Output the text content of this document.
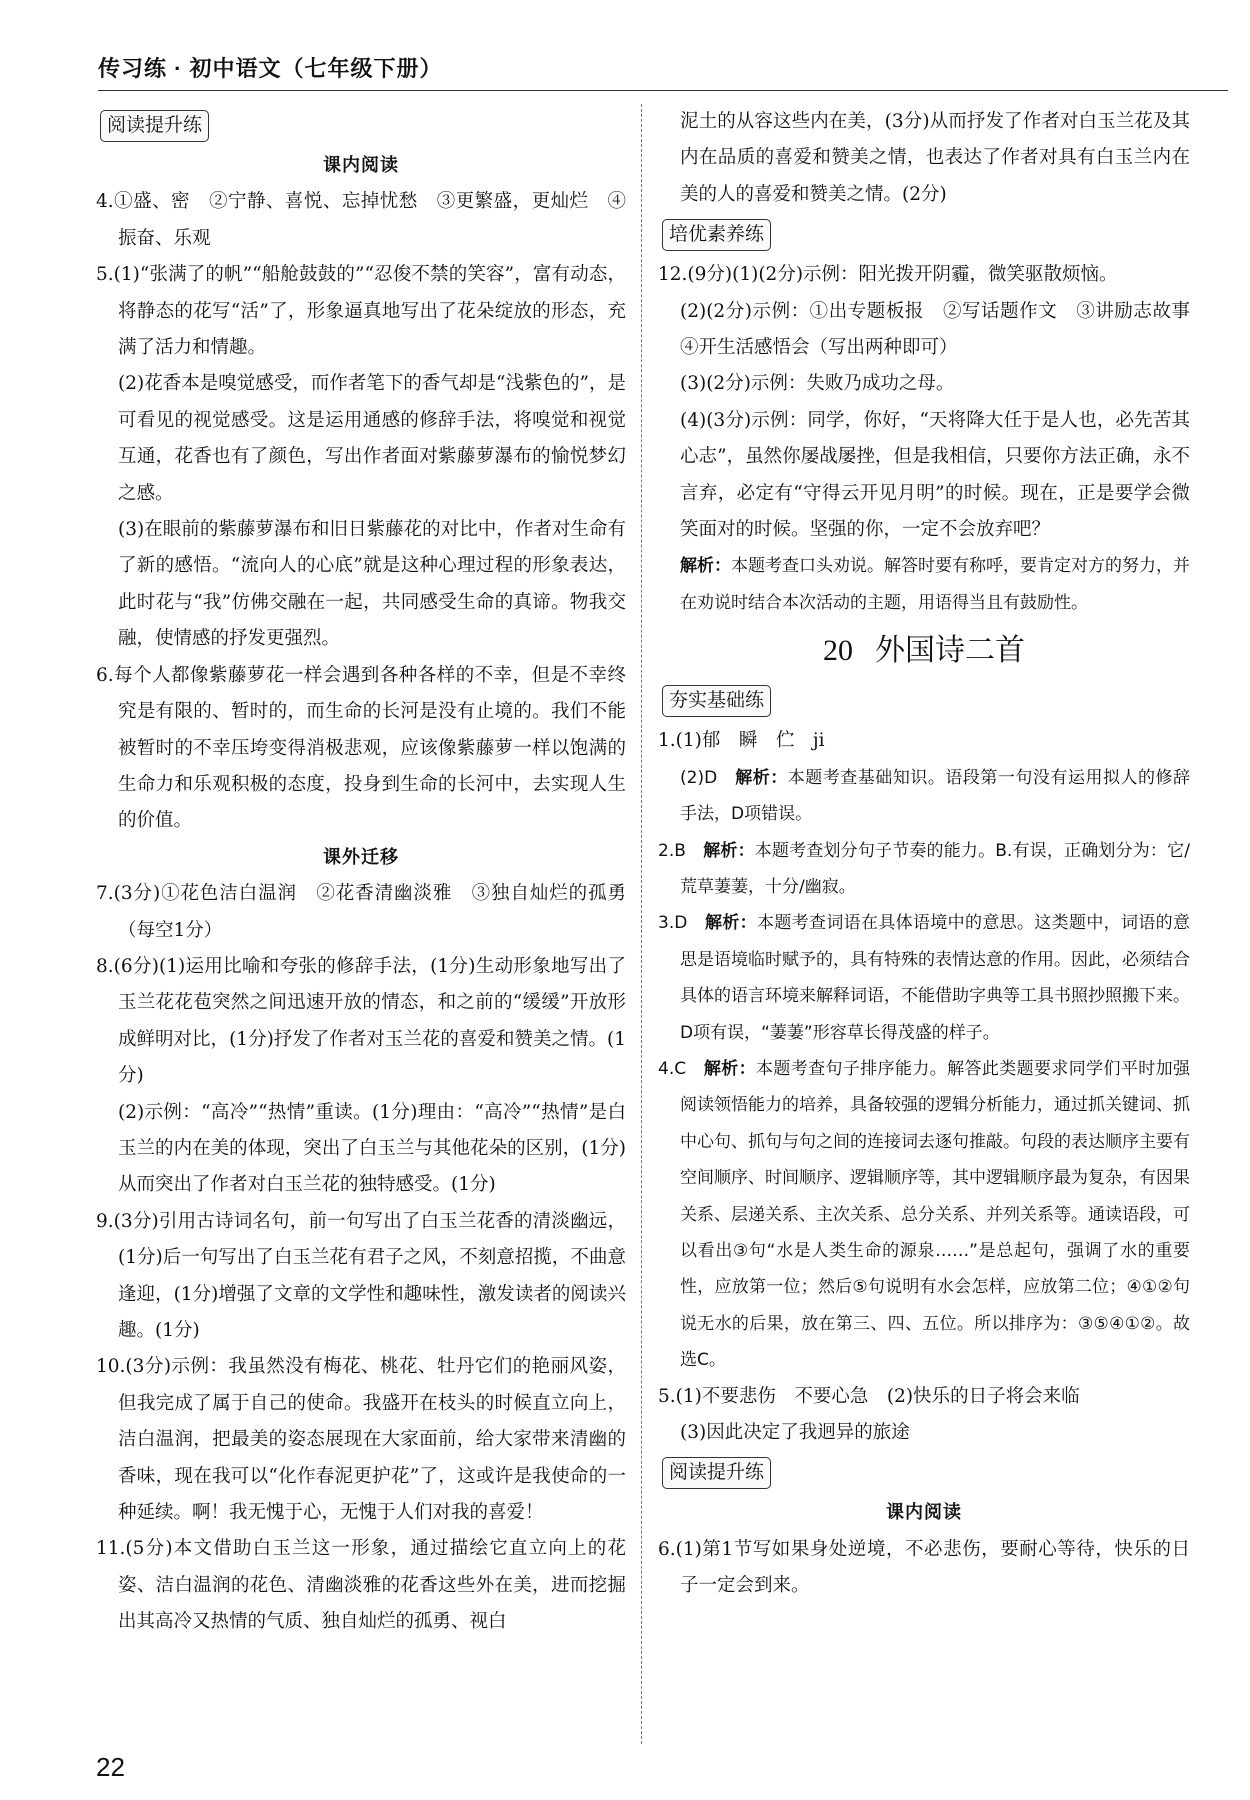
传习练 · 初中语文（七年级下册）
阅读提升练
课内阅读
4.①盛、密　②宁静、喜悦、忘掉忧愁　③更繁盛，更灿烂　④振奋、乐观
5.(1)“张满了的帆”“船舱鼓鼓的”“忍俊不禁的笑容”，富有动态，将静态的花写“活”了，形象逼真地写出了花朵绽放的形态，充满了活力和情趣。
(2)花香本是嗅觉感受，而作者笔下的香气却是“浅紫色的”，是可看见的视觉感受。这是运用通感的修辞手法，将嗅觉和视觉互通，花香也有了颜色，写出作者面对紫藤萝瀑布的愉悦梦幻之感。
(3)在眼前的紫藤萝瀑布和旧日紫藤花的对比中，作者对生命有了新的感悟。“流向人的心底”就是这种心理过程的形象表达，此时花与“我”仿佛交融在一起，共同感受生命的真谛。物我交融，使情感的抒发更强烈。
6.每个人都像紫藤萝花一样会遇到各种各样的不幸，但是不幸终究是有限的、暂时的，而生命的长河是没有止境的。我们不能被暂时的不幸压垮变得消极悲观，应该像紫藤萝一样以饱满的生命力和乐观积极的态度，投身到生命的长河中，去实现人生的价值。
课外迁移
7.(3分)①花色洁白温润　②花香清幽淡雅　③独自灿烂的孤勇（每空1分）
8.(6分)(1)运用比喻和夸张的修辞手法，(1分)生动形象地写出了玉兰花花苞突然之间迅速开放的情态，和之前的“缓缓”开放形成鲜明对比，(1分)抒发了作者对玉兰花的喜爱和赞美之情。(1分)
(2)示例：“高冷”“热情”重读。(1分)理由：“高冷”“热情”是白玉兰的内在美的体现，突出了白玉兰与其他花朵的区别，(1分)从而突出了作者对白玉兰花的独特感受。(1分)
9.(3分)引用古诗词名句，前一句写出了白玉兰花香的清淡幽远，(1分)后一句写出了白玉兰花有君子之风，不刻意招揽，不曲意逢迎，(1分)增强了文章的文学性和趣味性，激发读者的阅读兴趣。(1分)
10.(3分)示例：我虽然没有梅花、桃花、牡丹它们的艳丽风姿，但我完成了属于自己的使命。我盛开在枝头的时候直立向上，洁白温润，把最美的姿态展现在大家面前，给大家带来清幽的香味，现在我可以“化作春泥更护花”了，这或许是我使命的一种延续。啊！我无愧于心，无愧于人们对我的喜爱！
11.(5分)本文借助白玉兰这一形象，通过描绘它直立向上的花姿、洁白温润的花色、清幽淡雅的花香这些外在美，进而挖掘出其高冷又热情的气质、独自灿烂的孤勇、视白
泥土的从容这些内在美，(3分)从而抒发了作者对白玉兰花及其内在品质的喜爱和赞美之情，也表达了作者对具有白玉兰内在美的人的喜爱和赞美之情。(2分)
培优素养练
12.(9分)(1)(2分)示例：阳光拨开阴霾，微笑驱散烦恼。
(2)(2分)示例：①出专题板报　②写话题作文　③讲励志故事　④开生活感悟会（写出两种即可）
(3)(2分)示例：失败乃成功之母。
(4)(3分)示例：同学，你好，“天将降大任于是人也，必先苦其心志”，虽然你屡战屡挫，但是我相信，只要你方法正确，永不言弃，必定有“守得云开见月明”的时候。现在，正是要学会微笑面对的时候。坚强的你，一定不会放弃吧？
解析：本题考查口头劝说。解答时要有称呼，要肯定对方的努力，并在劝说时结合本次活动的主题，用语得当且有鼓励性。
20 外国诗二首
夯实基础练
1.(1)郁　瞬　伫　ji
(2)D　解析：本题考查基础知识。语段第一句没有运用拟人的修辞手法，D项错误。
2.B　解析：本题考查划分句子节奏的能力。B.有误，正确划分为：它/荒草萋萋，十分/幽寂。
3.D　解析：本题考查词语在具体语境中的意思。这类题中，词语的意思是语境临时赋予的，具有特殊的表情达意的作用。因此，必须结合具体的语言环境来解释词语，不能借助字典等工具书照抄照搬下来。D项有误，“萋萋”形容草长得茂盛的样子。
4.C　解析：本题考查句子排序能力。解答此类题要求同学们平时加强阅读领悟能力的培养，具备较强的逻辑分析能力，通过抓关键词、抓中心句、抓句与句之间的连接词去逐句推敲。句段的表达顺序主要有空间顺序、时间顺序、逻辑顺序等，其中逻辑顺序最为复杂，有因果关系、层递关系、主次关系、总分关系、并列关系等。通读语段，可以看出③句“水是人类生命的源泉……”是总起句，强调了水的重要性，应放第一位；然后⑤句说明有水会怎样，应放第二位；④①②句说无水的后果，放在第三、四、五位。所以排序为：③⑤④①②。故选C。
5.(1)不要悲伤　不要心急　(2)快乐的日子将会来临
(3)因此决定了我迥异的旅途
阅读提升练
课内阅读
6.(1)第1节写如果身处逆境，不必悲伤，要耐心等待，快乐的日子一定会到来。
22
